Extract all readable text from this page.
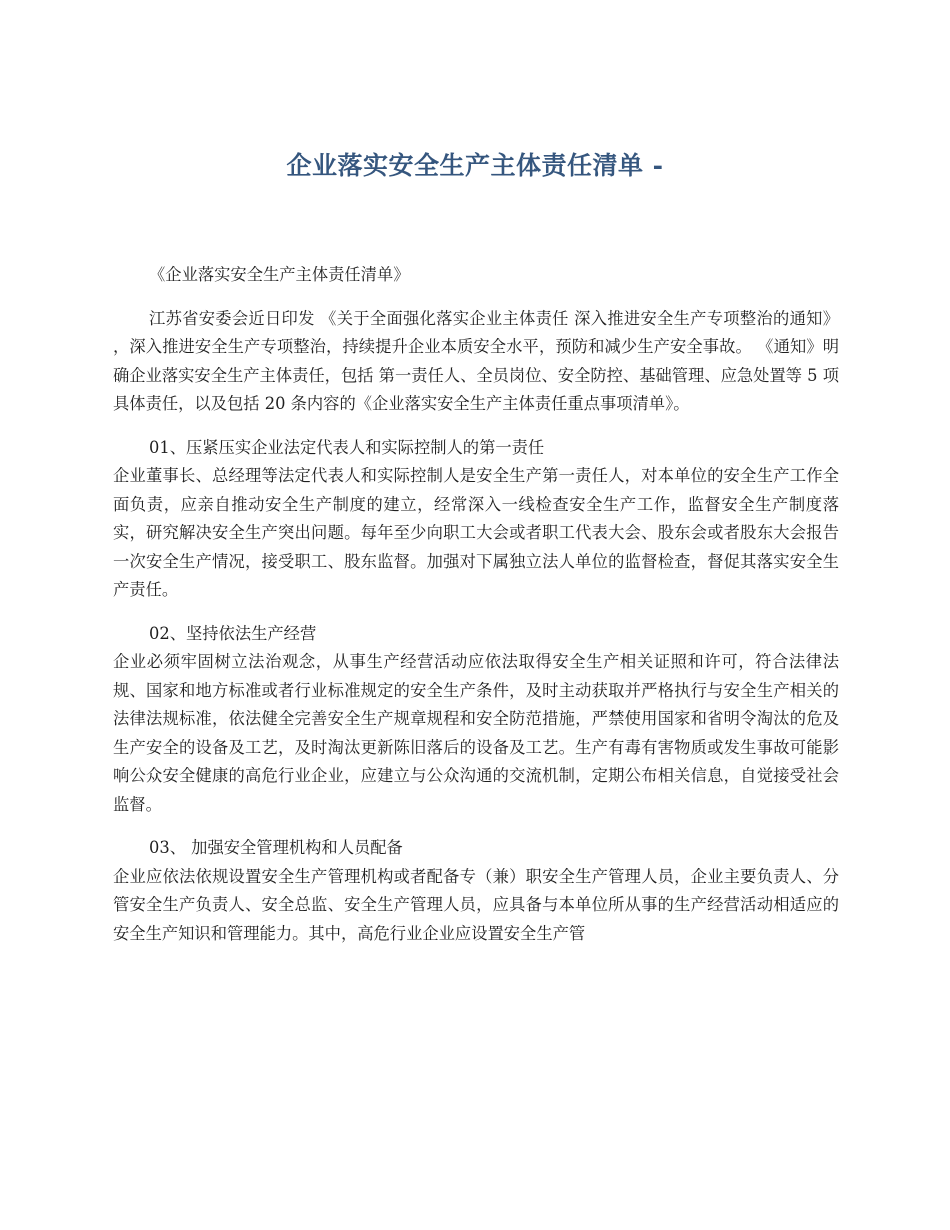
企业落实安全生产主体责任清单 -

《企业落实安全生产主体责任清单》

江苏省安委会近日印发 《关于全面强化落实企业主体责任 深入推进安全生产专项整治的通知》 ，深入推进安全生产专项整治，持续提升企业本质安全水平，预防和减少生产安全事故。 《通知》明确企业落实安全生产主体责任，包括 第一责任人、全员岗位、安全防控、基础管理、应急处置等 5 项具体责任，以及包括 20 条内容的《企业落实安全生产主体责任重点事项清单》。

01、压紧压实企业法定代表人和实际控制人的第一责任

企业董事长、总经理等法定代表人和实际控制人是安全生产第一责任人，对本单位的安全生产工作全面负责，应亲自推动安全生产制度的建立，经常深入一线检查安全生产工作，监督安全生产制度落实，研究解决安全生产突出问题。每年至少向职工大会或者职工代表大会、股东会或者股东大会报告一次安全生产情况，接受职工、股东监督。加强对下属独立法人单位的监督检查，督促其落实安全生产责任。

02、坚持依法生产经营

企业必须牢固树立法治观念，从事生产经营活动应依法取得安全生产相关证照和许可，符合法律法规、国家和地方标准或者行业标准规定的安全生产条件，及时主动获取并严格执行与安全生产相关的法律法规标准，依法健全完善安全生产规章规程和安全防范措施，严禁使用国家和省明令淘汰的危及生产安全的设备及工艺，及时淘汰更新陈旧落后的设备及工艺。生产有毒有害物质或发生事故可能影响公众安全健康的高危行业企业，应建立与公众沟通的交流机制，定期公布相关信息，自觉接受社会监督。

03、 加强安全管理机构和人员配备

企业应依法依规设置安全生产管理机构或者配备专（兼）职安全生产管理人员，企业主要负责人、分管安全生产负责人、安全总监、安全生产管理人员，应具备与本单位所从事的生产经营活动相适应的安全生产知识和管理能力。其中，高危行业企业应设置安全生产管
